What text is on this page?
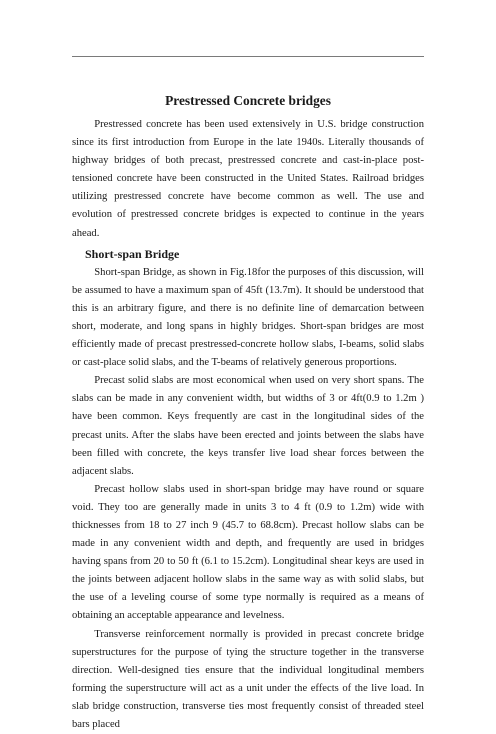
Prestressed Concrete bridges

Prestressed concrete has been used extensively in U.S. bridge construction since its first introduction from Europe in the late 1940s. Literally thousands of highway bridges of both precast, prestressed concrete and cast-in-place post-tensioned concrete have been constructed in the United States. Railroad bridges utilizing prestressed concrete have become common as well. The use and evolution of prestressed concrete bridges is expected to continue in the years ahead.

Short-span Bridge

Short-span Bridge, as shown in Fig.18for the purposes of this discussion, will be assumed to have a maximum span of 45ft (13.7m). It should be understood that this is an arbitrary figure, and there is no definite line of demarcation between short, moderate, and long spans in highly bridges. Short-span bridges are most efficiently made of precast prestressed-concrete hollow slabs, I-beams, solid slabs or cast-place solid slabs, and the T-beams of relatively generous proportions.

Precast solid slabs are most economical when used on very short spans. The slabs can be made in any convenient width, but widths of 3 or 4ft(0.9 to 1.2m ) have been common. Keys frequently are cast in the longitudinal sides of the precast units. After the slabs have been erected and joints between the slabs have been filled with concrete, the keys transfer live load shear forces between the adjacent slabs.

Precast hollow slabs used in short-span bridge may have round or square void. They too are generally made in units 3 to 4 ft (0.9 to 1.2m) wide with thicknesses from 18 to 27 inch 9 (45.7 to 68.8cm). Precast hollow slabs can be made in any convenient width and depth, and frequently are used in bridges having spans from 20 to 50 ft (6.1 to 15.2cm). Longitudinal shear keys are used in the joints between adjacent hollow slabs in the same way as with solid slabs, but the use of a leveling course of some type normally is required as a means of obtaining an acceptable appearance and levelness.

Transverse reinforcement normally is provided in precast concrete bridge superstructures for the purpose of tying the structure together in the transverse direction. Well-designed ties ensure that the individual longitudinal members forming the superstructure will act as a unit under the effects of the live load. In slab bridge construction, transverse ties most frequently consist of threaded steel bars placed
